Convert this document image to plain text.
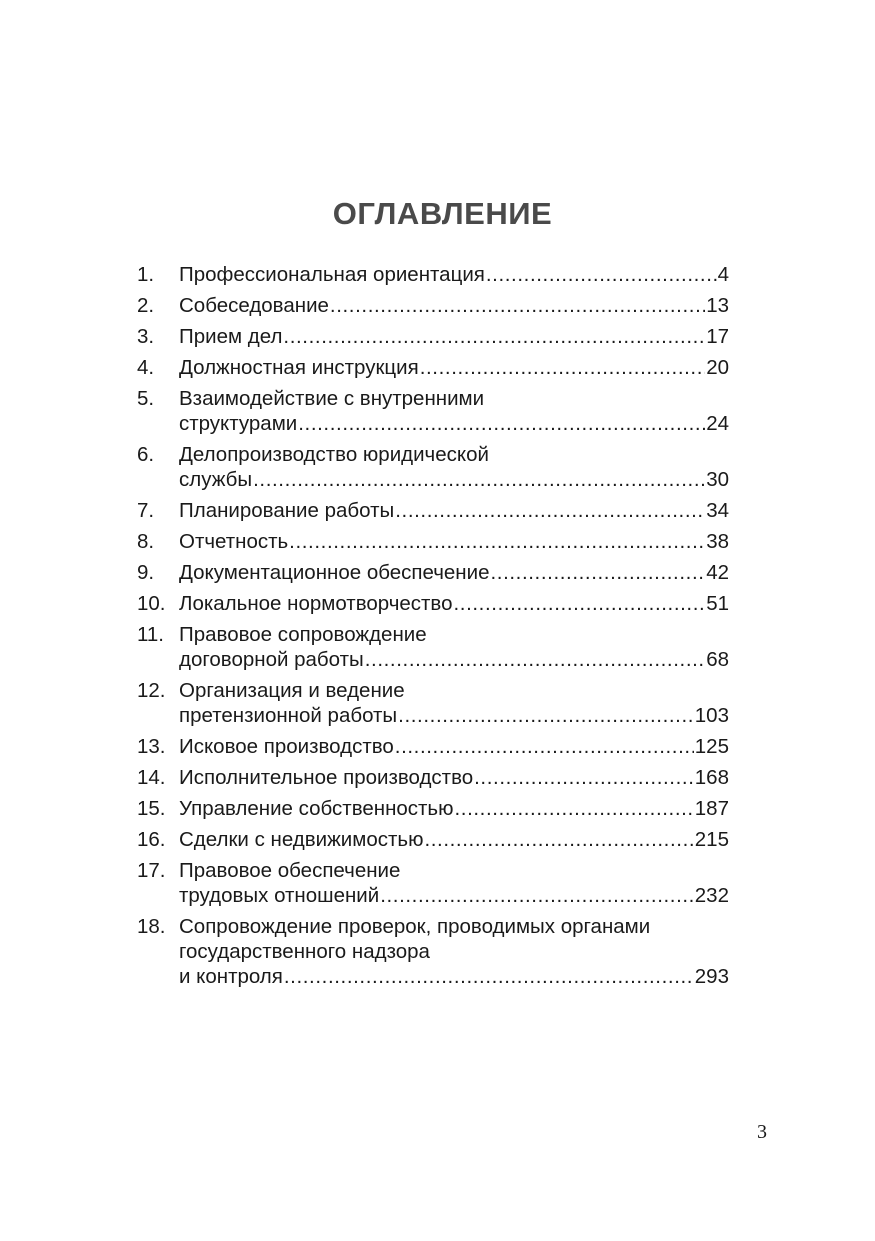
ОГЛАВЛЕНИЕ
1. Профессиональная ориентация .....	4
2. Собеседование .....	13
3. Прием дел .....	17
4. Должностная инструкция .....	20
5. Взаимодействие с внутренними
структурами .....	24
6. Делопроизводство юридической
службы .....	30
7. Планирование работы .....	34
8. Отчетность .....	38
9. Документационное обеспечение .....	42
10. Локальное нормотворчество .....	51
11. Правовое сопровождение
договорной работы .....	68
12. Организация и ведение
претензионной работы .....	103
13. Исковое производство .....	125
14. Исполнительное производство .....	168
15. Управление собственностью .....	187
16. Сделки с недвижимостью .....	215
17. Правовое обеспечение
трудовых отношений .....	232
18. Сопровождение проверок, проводимых органами государственного надзора
и контроля .....	293
3
